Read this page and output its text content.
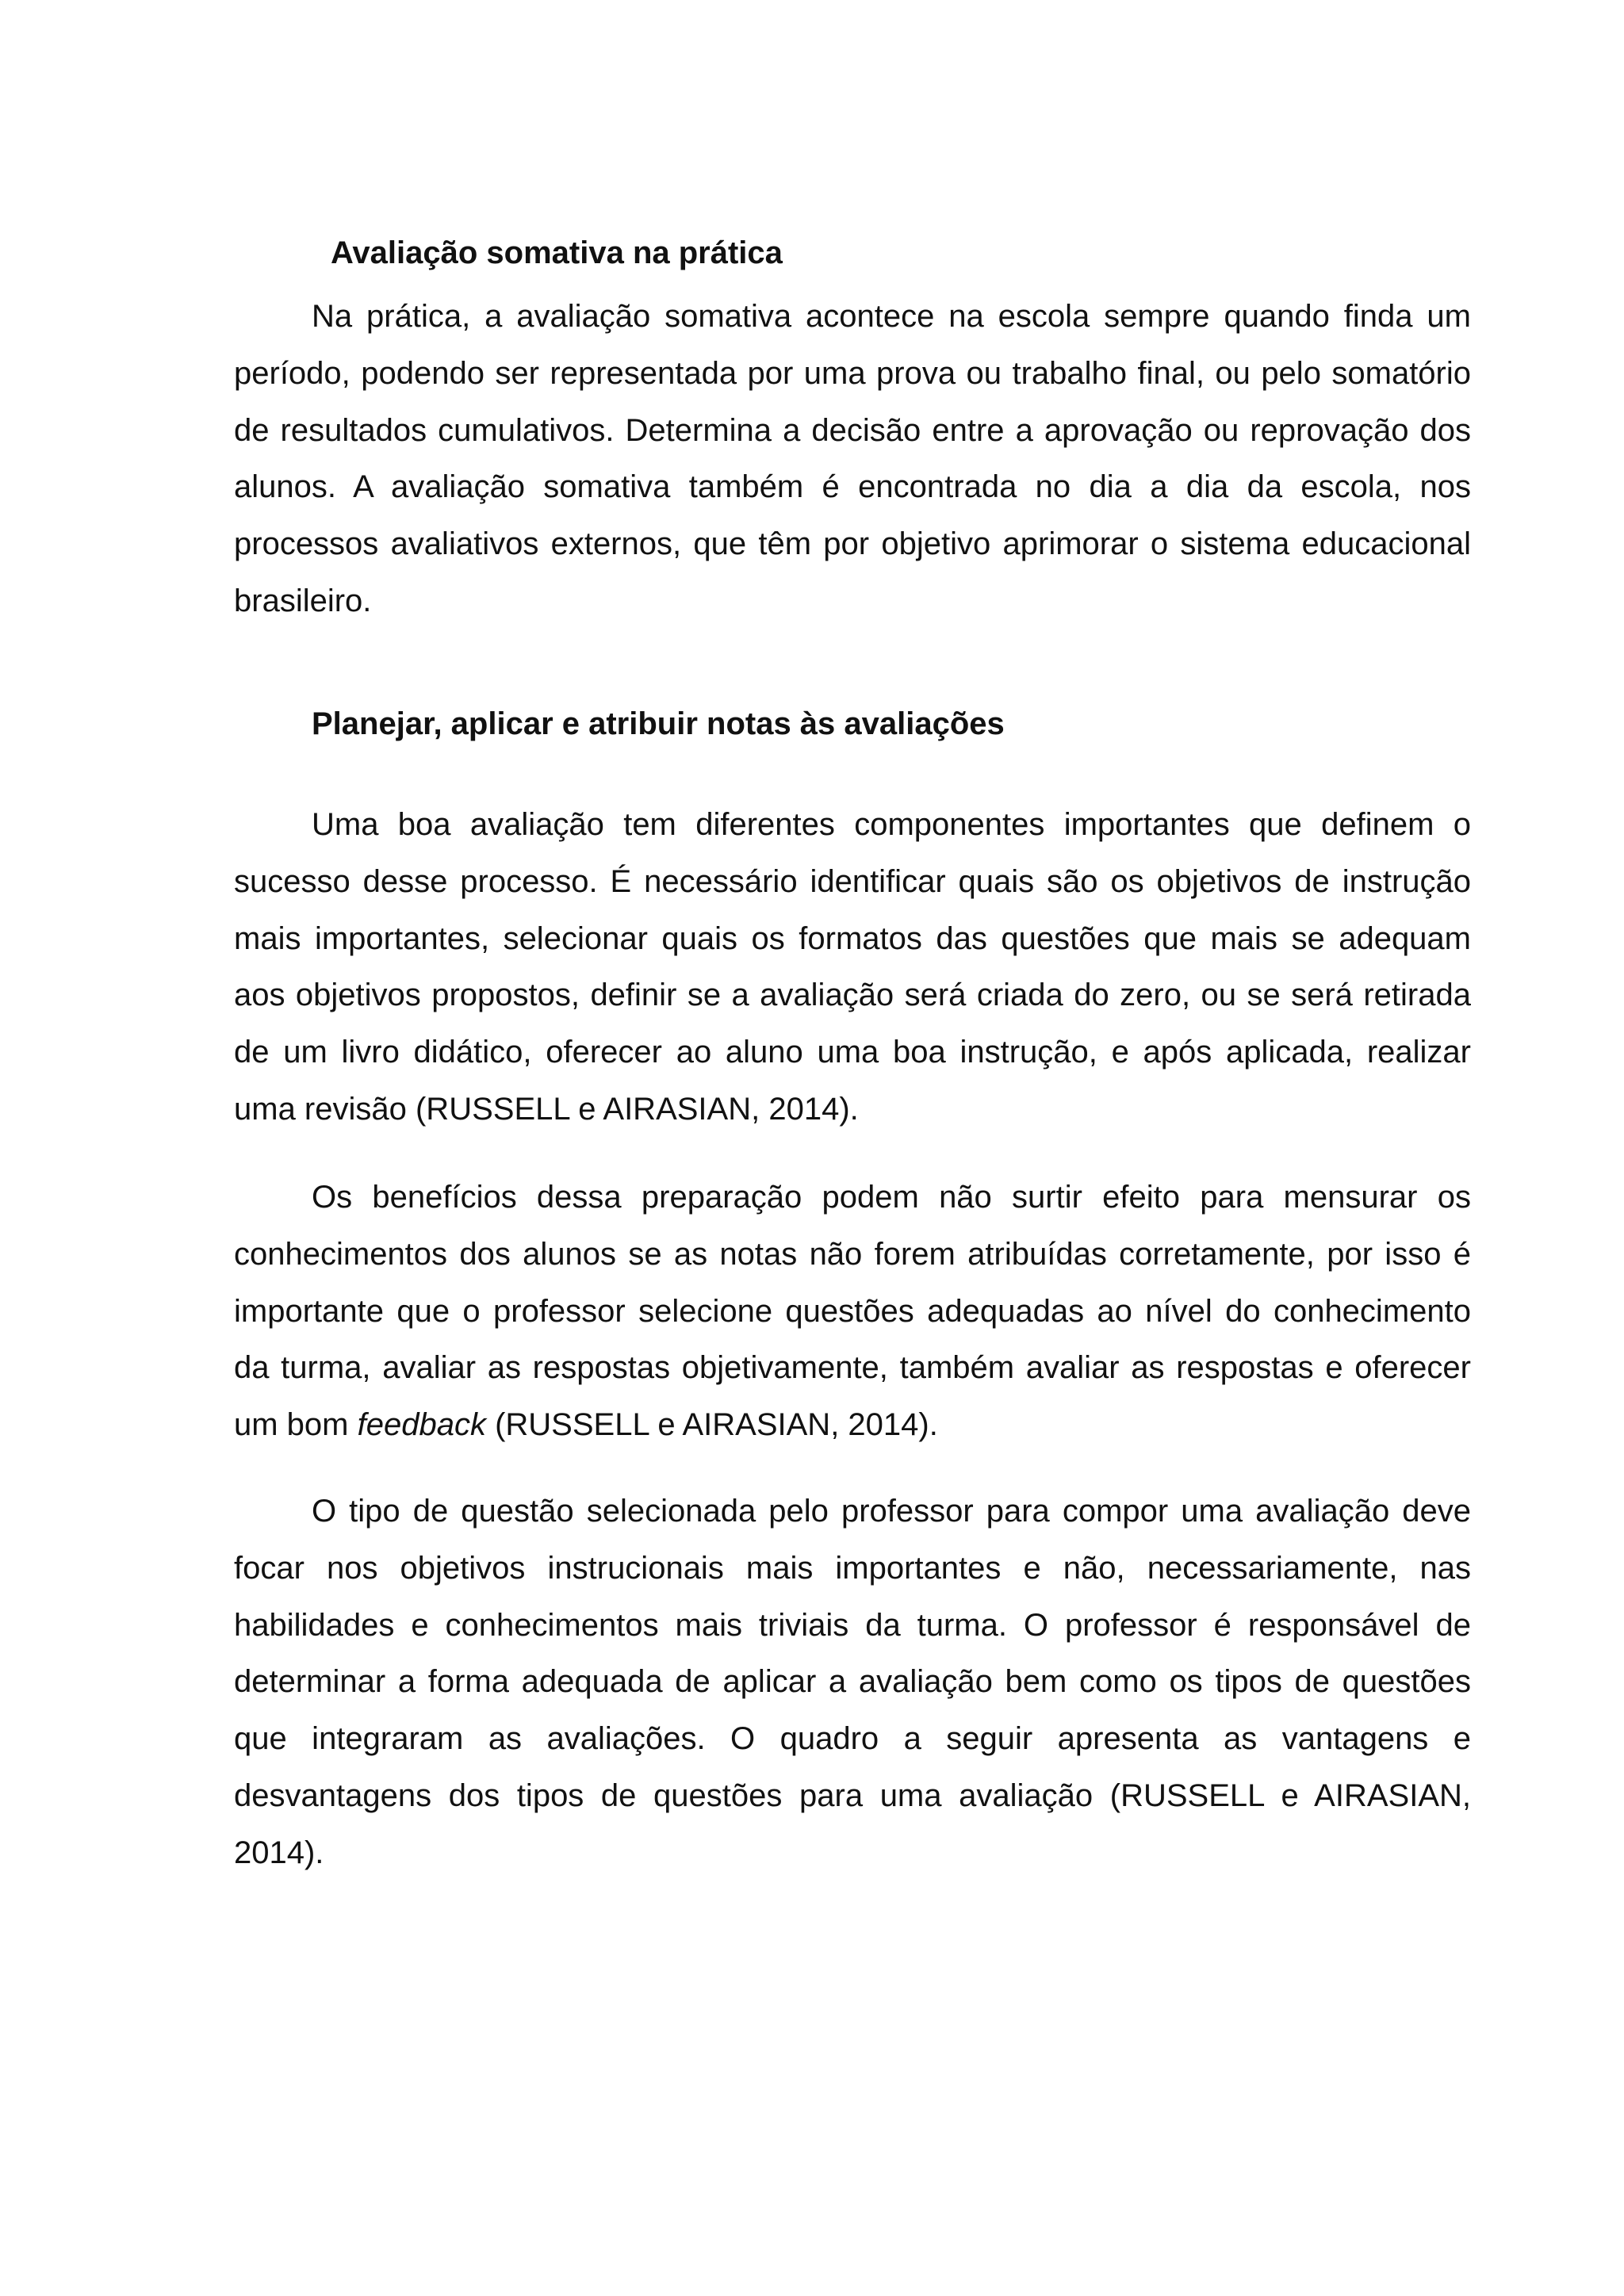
Avaliação somativa na prática

Na prática, a avaliação somativa acontece na escola sempre quando finda um período, podendo ser representada por uma prova ou trabalho final, ou pelo somatório de resultados cumulativos. Determina a decisão entre a aprovação ou reprovação dos alunos. A avaliação somativa também é encontrada no dia a dia da escola, nos processos avaliativos externos, que têm por objetivo aprimorar o sistema educacional brasileiro.

Planejar, aplicar e atribuir notas às avaliações

Uma boa avaliação tem diferentes componentes importantes que definem o sucesso desse processo. É necessário identificar quais são os objetivos de instrução mais importantes, selecionar quais os formatos das questões que mais se adequam aos objetivos propostos, definir se a avaliação será criada do zero, ou se será retirada de um livro didático, oferecer ao aluno uma boa instrução, e após aplicada, realizar uma revisão (RUSSELL e AIRASIAN, 2014).

Os benefícios dessa preparação podem não surtir efeito para mensurar os conhecimentos dos alunos se as notas não forem atribuídas corretamente, por isso é importante que o professor selecione questões adequadas ao nível do conhecimento da turma, avaliar as respostas objetivamente, também avaliar as respostas e oferecer um bom feedback (RUSSELL e AIRASIAN, 2014).

O tipo de questão selecionada pelo professor para compor uma avaliação deve focar nos objetivos instrucionais mais importantes e não, necessariamente, nas habilidades e conhecimentos mais triviais da turma. O professor é responsável de determinar a forma adequada de aplicar a avaliação bem como os tipos de questões que integraram as avaliações. O quadro a seguir apresenta as vantagens e desvantagens dos tipos de questões para uma avaliação (RUSSELL e AIRASIAN, 2014).
